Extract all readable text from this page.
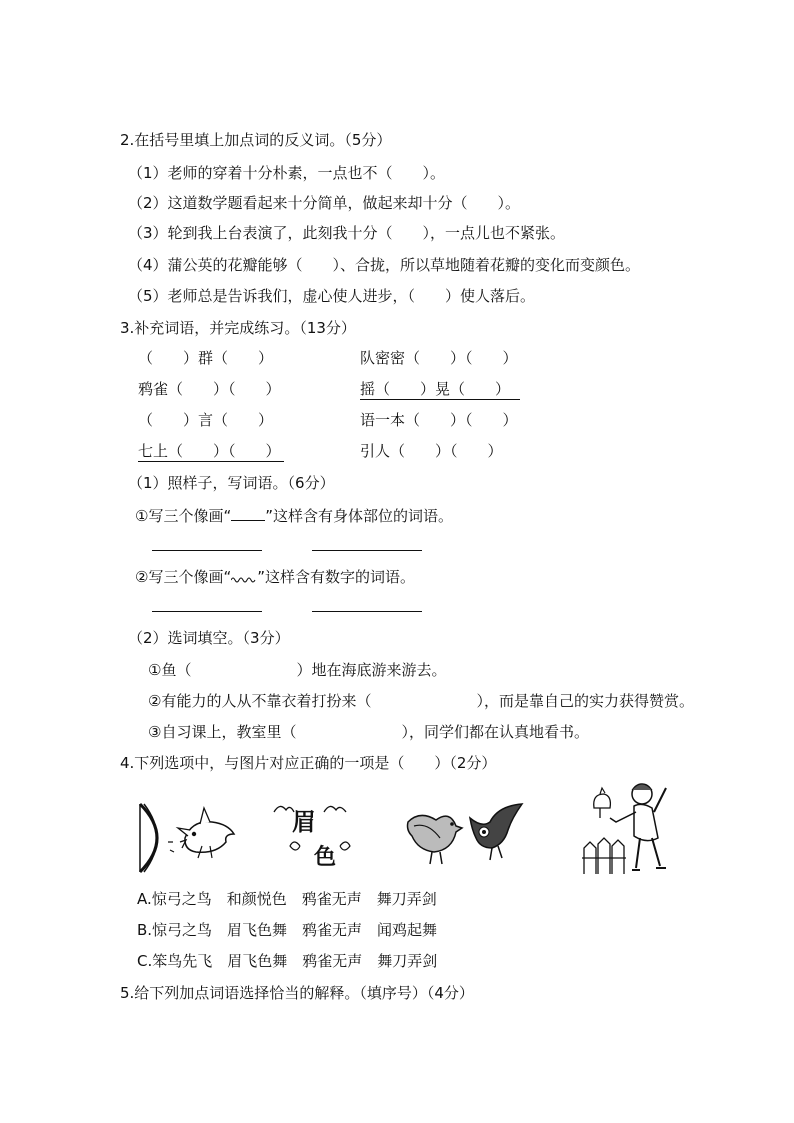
2.在括号里填上加点词的反义词。（5分）
（1）老师的穿着十分朴素，一点也不（　　）。
（2）这道数学题看起来十分简单，做起来却十分（　　）。
（3）轮到我上台表演了，此刻我十分（　　），一点儿也不紧张。
（4）蒲公英的花瓣能够（　　）、合拢，所以草地随着花瓣的变化而变颜色。
（5）老师总是告诉我们，虚心使人进步，（　　）使人落后。
3.补充词语，并完成练习。（13分）
（　　）群（　　）	队密密（　　）（　　）
鸦雀（　　）（　　）	摇（　　）晃（　　）
（　　）言（　　）	语一本（　　）（　　）
七上（　　）（　　）	引人（　　）（　　）
（1）照样子，写词语。（6分）
①写三个像画“ ”这样含有身体部位的词语。
②写三个像画“ ”这样含有数字的词语。
（2）选词填空。（3分）
①鱼（　　　　　　　）地在海底游来游去。
②有能力的人从不靠衣着打扮来（　　　　　　　），而是靠自己的实力获得赞赏。
③自习课上，教室里（　　　　　　　），同学们都在认真地看书。
4.下列选项中，与图片对应正确的一项是（　　）（2分）
眉
色
A.惊弓之鸟　和颜悦色　鸦雀无声　舞刀弄剑
B.惊弓之鸟　眉飞色舞　鸦雀无声　闻鸡起舞
C.笨鸟先飞　眉飞色舞　鸦雀无声　舞刀弄剑
5.给下列加点词语选择恰当的解释。（填序号）（4分）
